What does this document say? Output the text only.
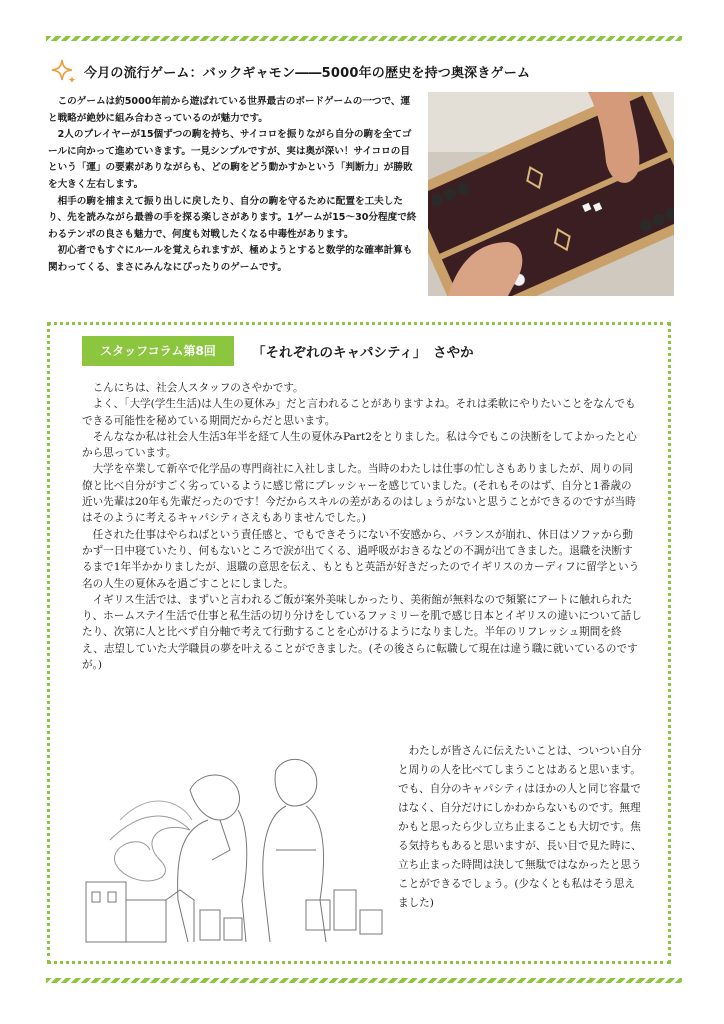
今月の流行ゲーム：バックギャモン――5000年の歴史を持つ奥深きゲーム

このゲームは約5000年前から遊ばれている世界最古のボードゲームの一つで、運と戦略が絶妙に組み合わさっているのが魅力です。

2人のプレイヤーが15個ずつの駒を持ち、サイコロを振りながら自分の駒を全てゴールに向かって進めていきます。一見シンプルですが、実は奥が深い！サイコロの目という「運」の要素がありながらも、どの駒をどう動かすかという「判断力」が勝敗を大きく左右します。

相手の駒を捕まえて振り出しに戻したり、自分の駒を守るために配置を工夫したり、先を読みながら最善の手を探る楽しさがあります。1ゲームが15～30分程度で終わるテンポの良さも魅力で、何度も対戦したくなる中毒性があります。

初心者でもすぐにルールを覚えられますが、極めようとすると数学的な確率計算も関わってくる、まさにみんなにぴったりのゲームです。

スタッフコラム第8回	「それぞれのキャパシティ」　さやか

こんにちは、社会人スタッフのさやかです。

よく、「大学(学生生活)は人生の夏休み」だと言われることがありますよね。それは柔軟にやりたいことをなんでもできる可能性を秘めている期間だからだと思います。

そんななか私は社会人生活3年半を経て人生の夏休みPart2をとりました。私は今でもこの決断をしてよかったと心から思っています。

大学を卒業して新卒で化学品の専門商社に入社しました。当時のわたしは仕事の忙しさもありましたが、周りの同僚と比べ自分がすごく劣っているように感じ常にプレッシャーを感じていました。(それもそのはず、自分と1番歳の近い先輩は20年も先輩だったのです！今だからスキルの差があるのはしょうがないと思うことができるのですが当時はそのように考えるキャパシティさえもありませんでした。)

任された仕事はやらねばという責任感と、でもできそうにない不安感から、バランスが崩れ、休日はソファから動かず一日中寝ていたり、何もないところで涙が出てくる、過呼吸がおきるなどの不調が出てきました。退職を決断するまで1年半かかりましたが、退職の意思を伝え、もともと英語が好きだったのでイギリスのカーディフに留学という名の人生の夏休みを過ごすことにしました。

イギリス生活では、まずいと言われるご飯が案外美味しかったり、美術館が無料なので頻繁にアートに触れられたり、ホームステイ生活で仕事と私生活の切り分けをしているファミリーを肌で感じ日本とイギリスの違いについて話したり、次第に人と比べず自分軸で考えて行動することを心がけるようになりました。半年のリフレッシュ期間を終え、志望していた大学職員の夢を叶えることができました。(その後さらに転職して現在は違う職に就いているのですが。)

わたしが皆さんに伝えたいことは、ついつい自分と周りの人を比べてしまうことはあると思います。でも、自分のキャパシティはほかの人と同じ容量ではなく、自分だけにしかわからないものです。無理かもと思ったら少し立ち止まることも大切です。焦る気持ちもあると思いますが、長い目で見た時に、立ち止まった時間は決して無駄ではなかったと思うことができるでしょう。(少なくとも私はそう思えました)
